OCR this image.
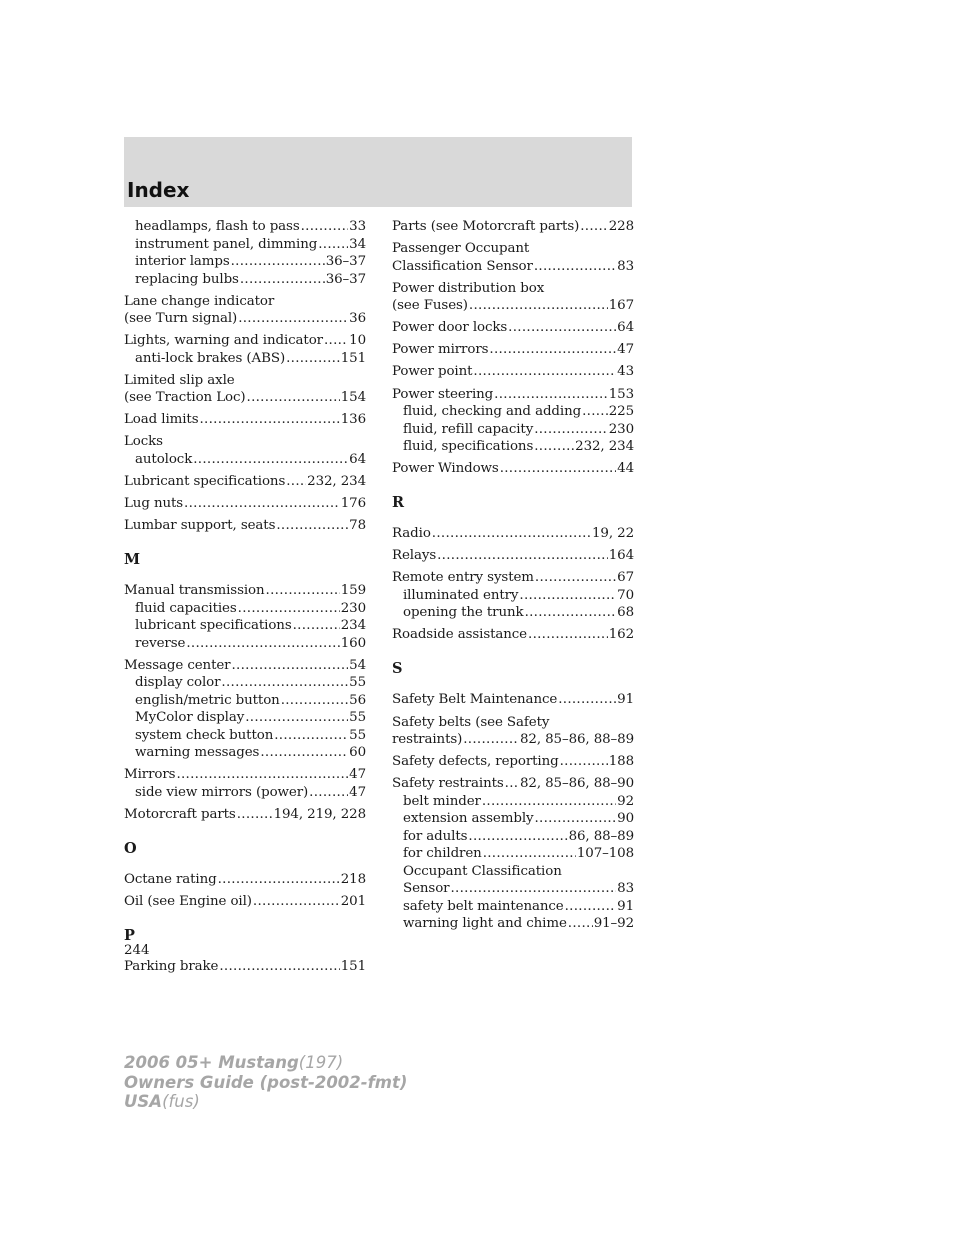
Index
headlamps, flash to pass .....	33
instrument panel, dimming ..... 34
interior lamps .....	36–37
replacing bulbs .....	36–37
Lane change indicator
(see Turn signal) .....	36
Lights, warning and indicator ..... 10
anti-lock brakes (ABS) .....	151
Limited slip axle
(see Traction Loc) .....	154
Load limits .....	136
Locks
autolock .....	64
Lubricant specifications ..... 232, 234
Lug nuts .....	176
Lumbar support, seats .....	78
M
Manual transmission .....	159
fluid capacities .....	230
lubricant specifications .....	234
reverse .....	160
Message center .....	54
display color .....	55
english/metric button .....	56
MyColor display .....	55
system check button .....	55
warning messages .....	60
Mirrors .....	47
side view mirrors (power) .....	47
Motorcraft parts .....	194, 219, 228
O
Octane rating .....	218
Oil (see Engine oil) .....	201
P
Parking brake .....	151
Parts (see Motorcraft parts) ..... 228
Passenger Occupant
Classification Sensor .....	83
Power distribution box
(see Fuses) .....	167
Power door locks .....	64
Power mirrors .....	47
Power point .....	43
Power steering .....	153
fluid, checking and adding ..... 225
fluid, refill capacity .....	230
fluid, specifications .....	232, 234
Power Windows .....	44
R
Radio .....	19, 22
Relays .....	164
Remote entry system .....	67
illuminated entry .....	70
opening the trunk .....	68
Roadside assistance .....	162
S
Safety Belt Maintenance .....	91
Safety belts (see Safety
restraints) .....	82, 85–86, 88–89
Safety defects, reporting .....	188
Safety restraints ..... 82, 85–86, 88–90
belt minder .....	92
extension assembly .....	90
for adults .....	86, 88–89
for children .....	107–108
Occupant Classification
Sensor .....	83
safety belt maintenance .....	91
warning light and chime ..... 91–92
244
2006 05+ Mustang(197)
Owners Guide (post-2002-fmt)
USA(fus)
